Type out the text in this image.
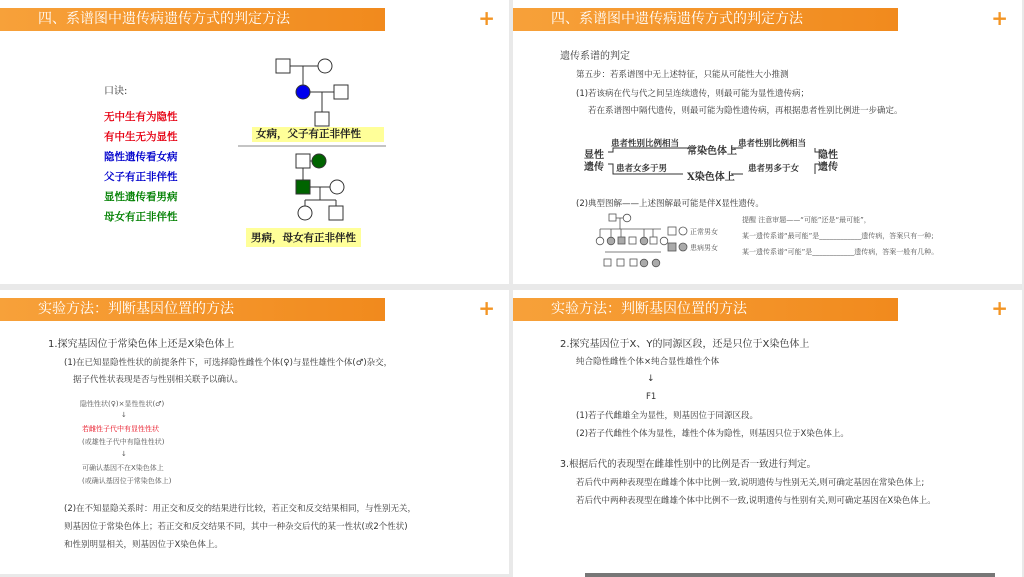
四、系谱图中遗传病遗传方式的判定方法	+
口诀:
无中生有为隐性
有中生无为显性
隐性遗传看女病
父子有正非伴性
显性遗传看男病
母女有正非伴性
女病，父子有正非伴性
男病，母女有正非伴性
四、系谱图中遗传病遗传方式的判定方法	+
遗传系谱的判定
第五步：若系谱图中无上述特征，只能从可能性大小推测
(1)若该病在代与代之间呈连续遗传，则最可能为显性遗传病；
若在系谱图中隔代遗传，则最可能为隐性遗传病，再根据患者性别比例进一步确定。
显性遗传
隐性遗传
患者性别比例相当
常染色体上
患者性别比例相当
患者女多于男
X染色体上
患者男多于女
(2)典型图解——上述图解最可能是伴X显性遗传。
正常男女
患病男女
提醒 注意审题——“可能”还是“最可能”，
某一遗传系谱“最可能”是____________遗传病，答案只有一种;
某一遗传系谱“可能”是____________遗传病，答案一般有几种。
实验方法：判断基因位置的方法	+
1.探究基因位于常染色体上还是X染色体上
(1)在已知显隐性性状的前提条件下，可选择隐性雌性个体(♀)与显性雄性个体(♂)杂交，
据子代性状表现是否与性别相关联予以确认。
隐性性状(♀)×显性性状(♂)
↓
若雌性子代中有显性性状
(或雄性子代中有隐性性状)
↓
可确认基因不在X染色体上
(或确认基因位于常染色体上)
(2)在不知显隐关系时：用正交和反交的结果进行比较，若正交和反交结果相同，与性别无关，
则基因位于常染色体上；若正交和反交结果不同，其中一种杂交后代的某一性状(或2个性状)
和性别明显相关，则基因位于X染色体上。
实验方法：判断基因位置的方法	+
2.探究基因位于X、Y的同源区段，还是只位于X染色体上
纯合隐性雌性个体×纯合显性雄性个体
↓
F1
(1)若子代雌雄全为显性，则基因位于同源区段。
(2)若子代雌性个体为显性，雄性个体为隐性，则基因只位于X染色体上。
3.根据后代的表现型在雌雄性别中的比例是否一致进行判定。
若后代中两种表现型在雌雄个体中比例一致,说明遗传与性别无关,则可确定基因在常染色体上;
若后代中两种表现型在雌雄个体中比例不一致,说明遗传与性别有关,则可确定基因在X染色体上。
